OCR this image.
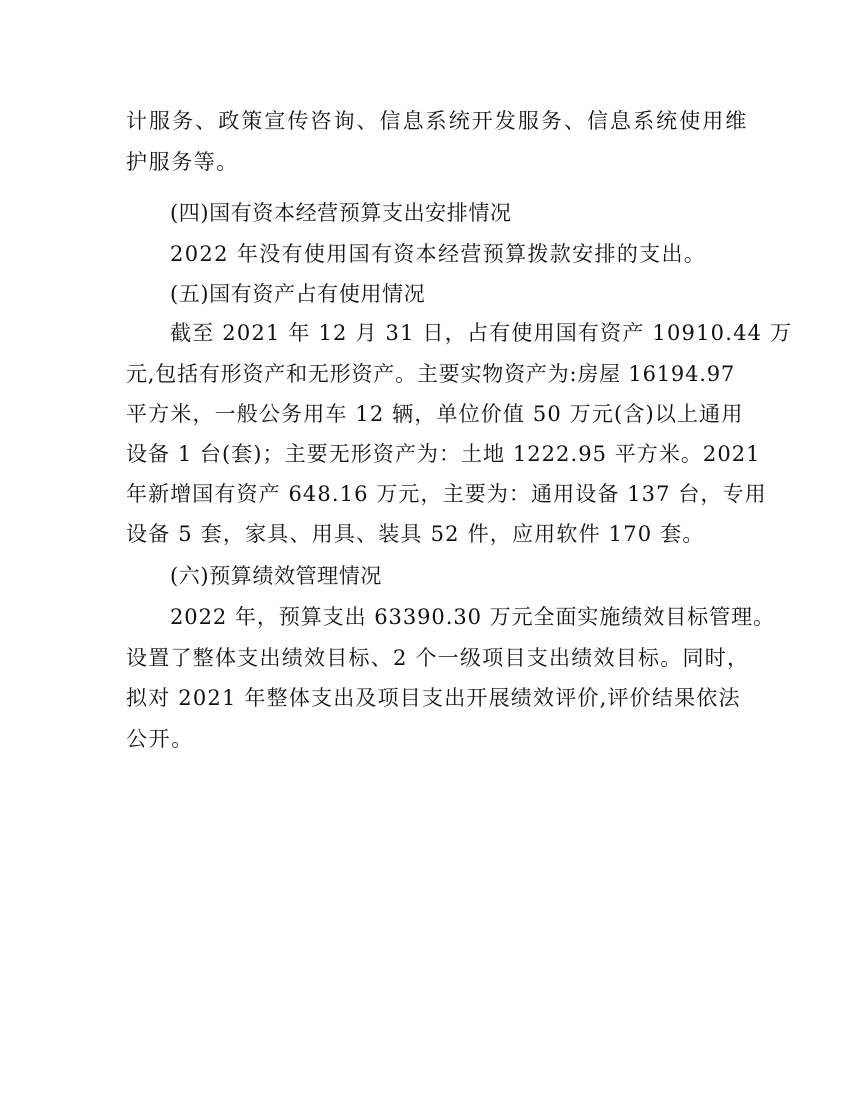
计服务、政策宣传咨询、信息系统开发服务、信息系统使用维
护服务等。
(四)国有资本经营预算支出安排情况
2022 年没有使用国有资本经营预算拨款安排的支出。
(五)国有资产占有使用情况
截至 2021 年 12 月 31 日，占有使用国有资产 10910.44 万
元,包括有形资产和无形资产。主要实物资产为:房屋 16194.97
平方米，一般公务用车 12 辆，单位价值 50 万元(含)以上通用
设备 1 台(套)；主要无形资产为：土地 1222.95 平方米。2021
年新增国有资产 648.16 万元，主要为：通用设备 137 台，专用
设备 5 套，家具、用具、装具 52 件，应用软件 170 套。
(六)预算绩效管理情况
2022 年，预算支出 63390.30 万元全面实施绩效目标管理。
设置了整体支出绩效目标、2 个一级项目支出绩效目标。同时，
拟对 2021 年整体支出及项目支出开展绩效评价,评价结果依法
公开。
